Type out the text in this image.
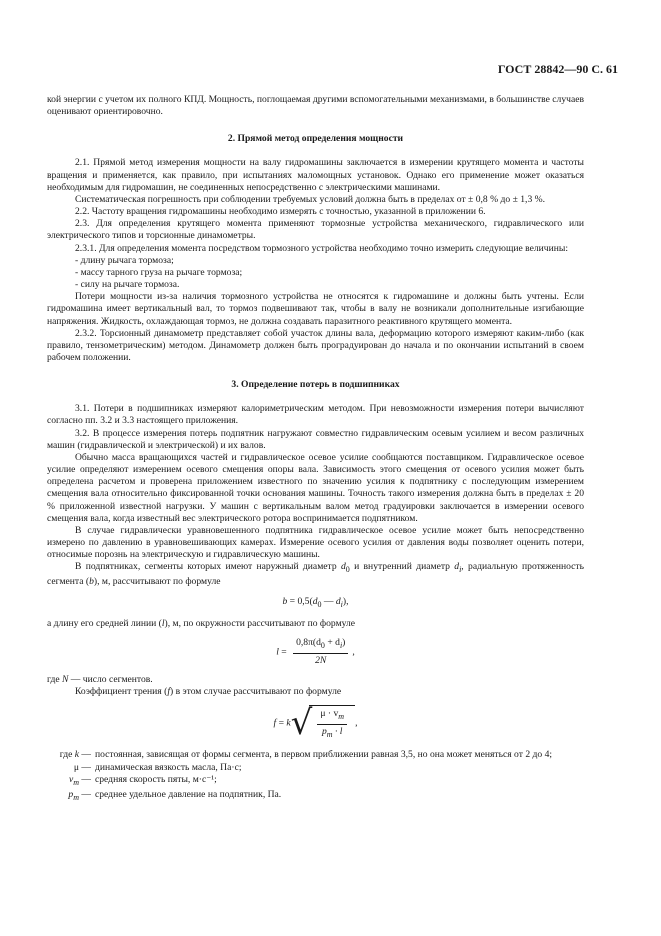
ГОСТ 28842—90 С. 61

кой энергии с учетом их полного КПД. Мощность, поглощаемая другими вспомогательными механизмами, в большинстве случаев оценивают ориентировочно.

2. Прямой метод определения мощности

2.1. Прямой метод измерения мощности на валу гидромашины заключается в измерении крутящего момента и частоты вращения и применяется, как правило, при испытаниях маломощных установок. Однако его применение может оказаться необходимым для гидромашин, не соединенных непосредственно с электрическими машинами.

Систематическая погрешность при соблюдении требуемых условий должна быть в пределах от ± 0,8 % до ± 1,3 %.

2.2. Частоту вращения гидромашины необходимо измерять с точностью, указанной в приложении 6.

2.3. Для определения крутящего момента применяют тормозные устройства механического, гидравлического или электрического типов и торсионные динамометры.

2.3.1. Для определения момента посредством тормозного устройства необходимо точно измерить следующие величины:

- длину рычага тормоза;

- массу тарного груза на рычаге тормоза;

- силу на рычаге тормоза.

Потери мощности из-за наличия тормозного устройства не относятся к гидромашине и должны быть учтены. Если гидромашина имеет вертикальный вал, то тормоз подвешивают так, чтобы в валу не возникали дополнительные изгибающие напряжения. Жидкость, охлаждающая тормоз, не должна создавать паразитного реактивного крутящего момента.

2.3.2. Торсионный динамометр представляет собой участок длины вала, деформацию которого измеряют каким-либо (как правило, тензометрическим) методом. Динамометр должен быть проградуирован до начала и по окончании испытаний в своем рабочем положении.

3. Определение потерь в подшипниках

3.1. Потери в подшипниках измеряют калориметрическим методом. При невозможности измерения потери вычисляют согласно пп. 3.2 и 3.3 настоящего приложения.

3.2. В процессе измерения потерь подпятник нагружают совместно гидравлическим осевым усилием и весом различных машин (гидравлической и электрической) и их валов.

Обычно масса вращающихся частей и гидравлическое осевое усилие сообщаются поставщиком. Гидравлическое осевое усилие определяют измерением осевого смещения опоры вала. Зависимость этого смещения от осевого усилия может быть определена расчетом и проверена приложением известного по значению усилия к подпятнику с последующим измерением смещения вала относительно фиксированной точки основания машины. Точность такого измерения должна быть в пределах ± 20 % приложенной известной нагрузки. У машин с вертикальным валом метод градуировки заключается в измерении осевого смещения вала, когда известный вес электрического ротора воспринимается подпятником.

В случае гидравлически уравновешенного подпятника гидравлическое осевое усилие может быть непосредственно измерено по давлению в уравновешивающих камерах. Измерение осевого усилия от давления воды позволяет оценить потери, относимые порознь на электрическую и гидравлическую машины.

В подпятниках, сегменты которых имеют наружный диаметр $d_0$ и внутренний диаметр $d_i$, радиальную протяженность сегмента (b), м, рассчитывают по формуле

$b = 0,5(d_0$ — $d_i$),

а длину его средней линии (l), м, по окружности рассчитывают по формуле

$l = \frac{0,8\pi(d_0 + d_i)}{2N}$ ,

где N — число сегментов.

Коэффициент трения (f) в этом случае рассчитывают по формуле

$f = k√ \frac{\mu \cdot v_m}{p_m \cdot l}$ ,
где k — постоянная, зависящая от формы сегмента, в первом приближении равная 3,5, но она может меняться от 2 до 4;
μ — динамическая вязкость масла, Па·с;
$v_m$ — средняя скорость пяты, м·с⁻¹;
$p_m$ — среднее удельное давление на подпятник, Па.
